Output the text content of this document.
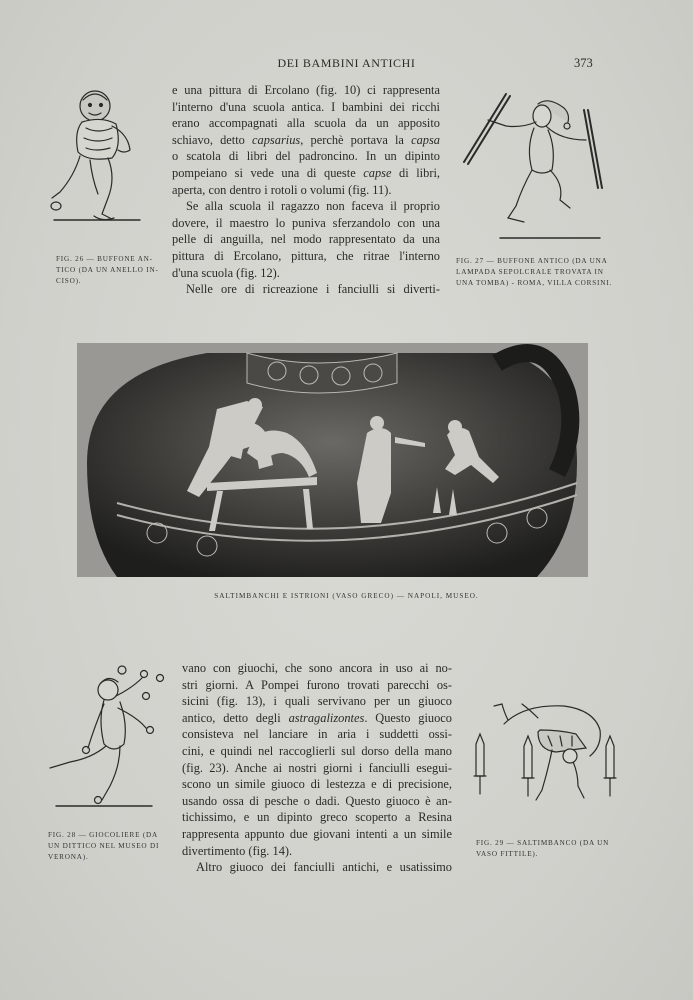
DEI BAMBINI ANTICHI	373
FIG. 26 — BUFFONE AN-
TICO (DA UN ANELLO IN-
CISO).

e una pittura di Ercolano (fig. 10) ci rappresenta

l'interno d'una scuola antica. I bambini dei ricchi

erano accompagnati alla scuola da un apposito

schiavo, detto capsarius, perchè portava la capsa

o scatola di libri del padroncino. In un dipinto

pompeiano si vede una di queste capse di libri,

aperta, con dentro i rotoli o volumi (fig. 11).

Se alla scuola il ragazzo non faceva il proprio

dovere, il maestro lo puniva sferzandolo con una

pelle di anguilla, nel modo rappresentato da una

pittura di Ercolano, pittura, che ritrae l'interno

d'una scuola (fig. 12).

Nelle ore di ricreazione i fanciulli si diverti-

FIG. 27 — BUFFONE ANTICO (DA UNA
LAMPADA SEPOLCRALE TROVATA IN
UNA TOMBA) - ROMA, VILLA CORSINI.
SALTIMBANCHI E ISTRIONI (VASO GRECO) — NAPOLI, MUSEO.
FIG. 28 — GIOCOLIERE (DA
UN DITTICO NEL MUSEO DI
VERONA).

vano con giuochi, che sono ancora in uso ai no-

stri giorni. A Pompei furono trovati parecchi os-

sicini (fig. 13), i quali servivano per un giuoco

antico, detto degli astragalizontes. Questo giuoco

consisteva nel lanciare in aria i suddetti ossi-

cini, e quindi nel raccoglierli sul dorso della mano

(fig. 23). Anche ai nostri giorni i fanciulli esegui-

scono un simile giuoco di lestezza e di precisione,

usando ossa di pesche o dadi. Questo giuoco è an-

tichissimo, e un dipinto greco scoperto a Resina

rappresenta appunto due giovani intenti a un simile

divertimento (fig. 14).

Altro giuoco dei fanciulli antichi, e usatissimo

FIG. 29 — SALTIMBANCO (DA UN
VASO FITTILE).
